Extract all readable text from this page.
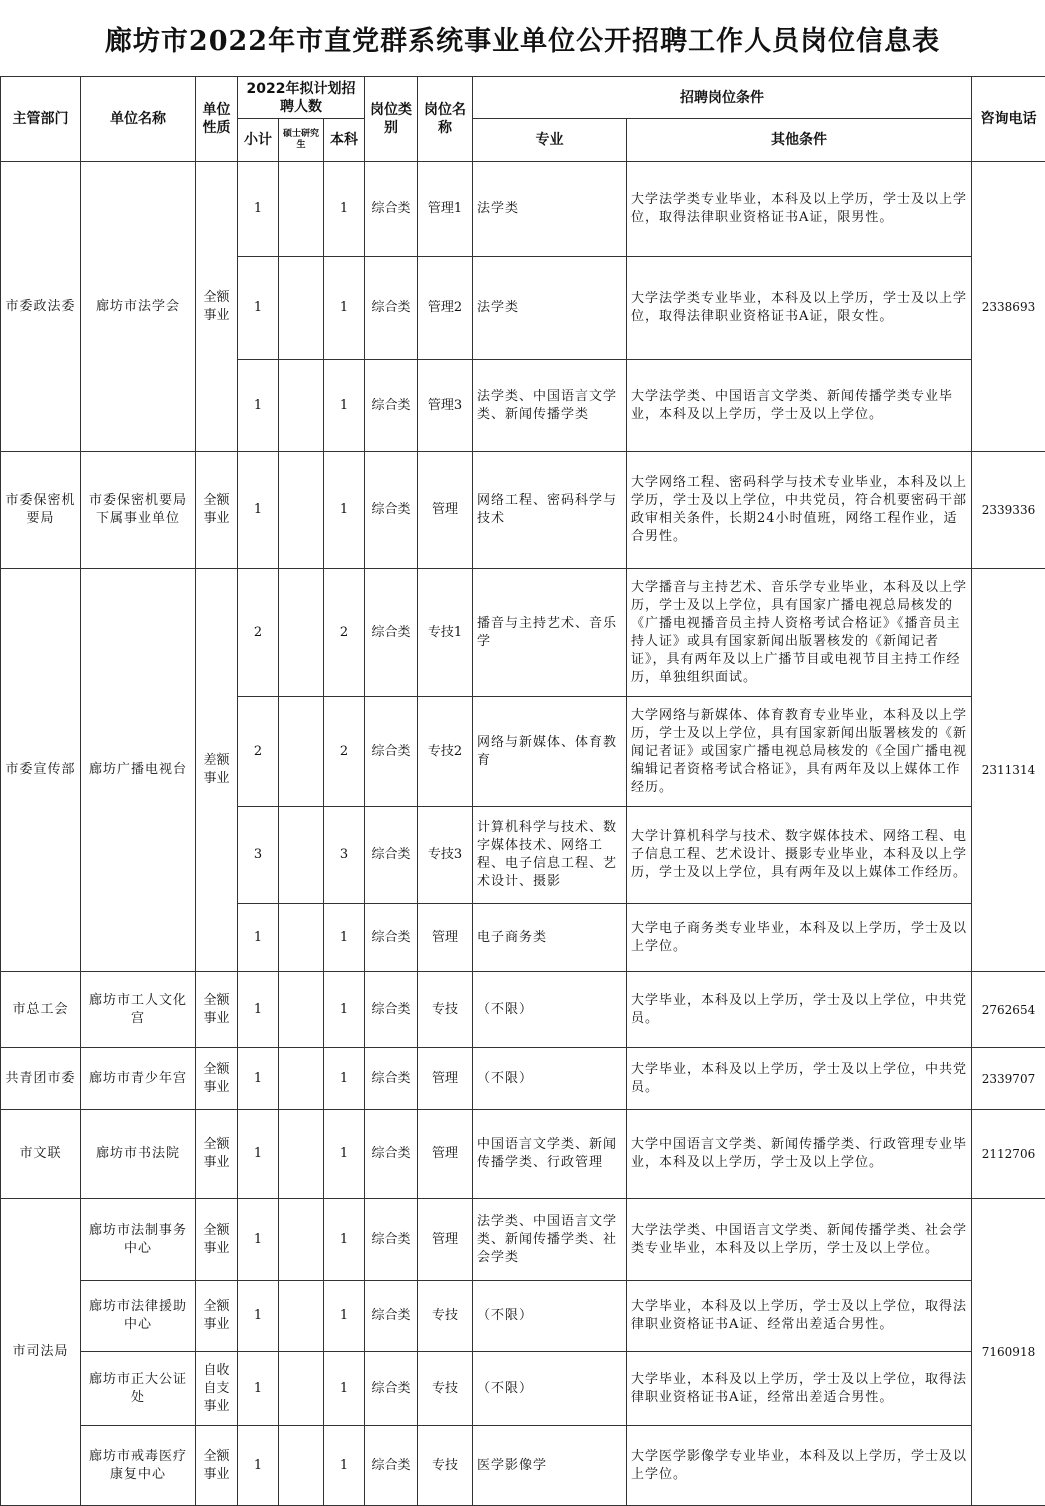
廊坊市2022年市直党群系统事业单位公开招聘工作人员岗位信息表
主管部门	单位名称	单位性质	2022年拟计划招聘人数			岗位类别	岗位名称	招聘岗位条件		咨询电话
			小计	硕士研究生	本科			专业	其他条件	
市委政法委	廊坊市法学会	全额事业	1		1	综合类	管理1	法学类	大学法学类专业毕业，本科及以上学历，学士及以上学位，取得法律职业资格证书A证，限男性。	2338693
			1		1	综合类	管理2	法学类	大学法学类专业毕业，本科及以上学历，学士及以上学位，取得法律职业资格证书A证，限女性。	
			1		1	综合类	管理3	法学类、中国语言文学类、新闻传播学类	大学法学类、中国语言文学类、新闻传播学类专业毕业，本科及以上学历，学士及以上学位。	
市委保密机要局	市委保密机要局下属事业单位	全额事业	1		1	综合类	管理	网络工程、密码科学与技术	大学网络工程、密码科学与技术专业毕业，本科及以上学历，学士及以上学位，中共党员，符合机要密码干部政审相关条件，长期24小时值班，网络工程作业，适合男性。	2339336
市委宣传部	廊坊广播电视台	差额事业	2		2	综合类	专技1	播音与主持艺术、音乐学	大学播音与主持艺术、音乐学专业毕业，本科及以上学历，学士及以上学位，具有国家广播电视总局核发的《广播电视播音员主持人资格考试合格证》《播音员主持人证》或具有国家新闻出版署核发的《新闻记者证》，具有两年及以上广播节目或电视节目主持工作经历，单独组织面试。	2311314
			2		2	综合类	专技2	网络与新媒体、体育教育	大学网络与新媒体、体育教育专业毕业，本科及以上学历，学士及以上学位，具有国家新闻出版署核发的《新闻记者证》或国家广播电视总局核发的《全国广播电视编辑记者资格考试合格证》，具有两年及以上媒体工作经历。	
			3		3	综合类	专技3	计算机科学与技术、数字媒体技术、网络工程、电子信息工程、艺术设计、摄影	大学计算机科学与技术、数字媒体技术、网络工程、电子信息工程、艺术设计、摄影专业毕业，本科及以上学历，学士及以上学位，具有两年及以上媒体工作经历。	
			1		1	综合类	管理	电子商务类	大学电子商务类专业毕业，本科及以上学历，学士及以上学位。	
市总工会	廊坊市工人文化宫	全额事业	1		1	综合类	专技	（不限）	大学毕业，本科及以上学历，学士及以上学位，中共党员。	2762654
共青团市委	廊坊市青少年宫	全额事业	1		1	综合类	管理	（不限）	大学毕业，本科及以上学历，学士及以上学位，中共党员。	2339707
市文联	廊坊市书法院	全额事业	1		1	综合类	管理	中国语言文学类、新闻传播学类、行政管理	大学中国语言文学类、新闻传播学类、行政管理专业毕业，本科及以上学历，学士及以上学位。	2112706
市司法局	廊坊市法制事务中心	全额事业	1		1	综合类	管理	法学类、中国语言文学类、新闻传播学类、社会学类	大学法学类、中国语言文学类、新闻传播学类、社会学类专业毕业，本科及以上学历，学士及以上学位。	7160918
	廊坊市法律援助中心	全额事业	1		1	综合类	专技	（不限）	大学毕业，本科及以上学历，学士及以上学位，取得法律职业资格证书A证、经常出差适合男性。	
	廊坊市正大公证处	自收自支事业	1		1	综合类	专技	（不限）	大学毕业，本科及以上学历，学士及以上学位，取得法律职业资格证书A证，经常出差适合男性。	
	廊坊市戒毒医疗康复中心	全额事业	1		1	综合类	专技	医学影像学	大学医学影像学专业毕业，本科及以上学历，学士及以上学位。	
